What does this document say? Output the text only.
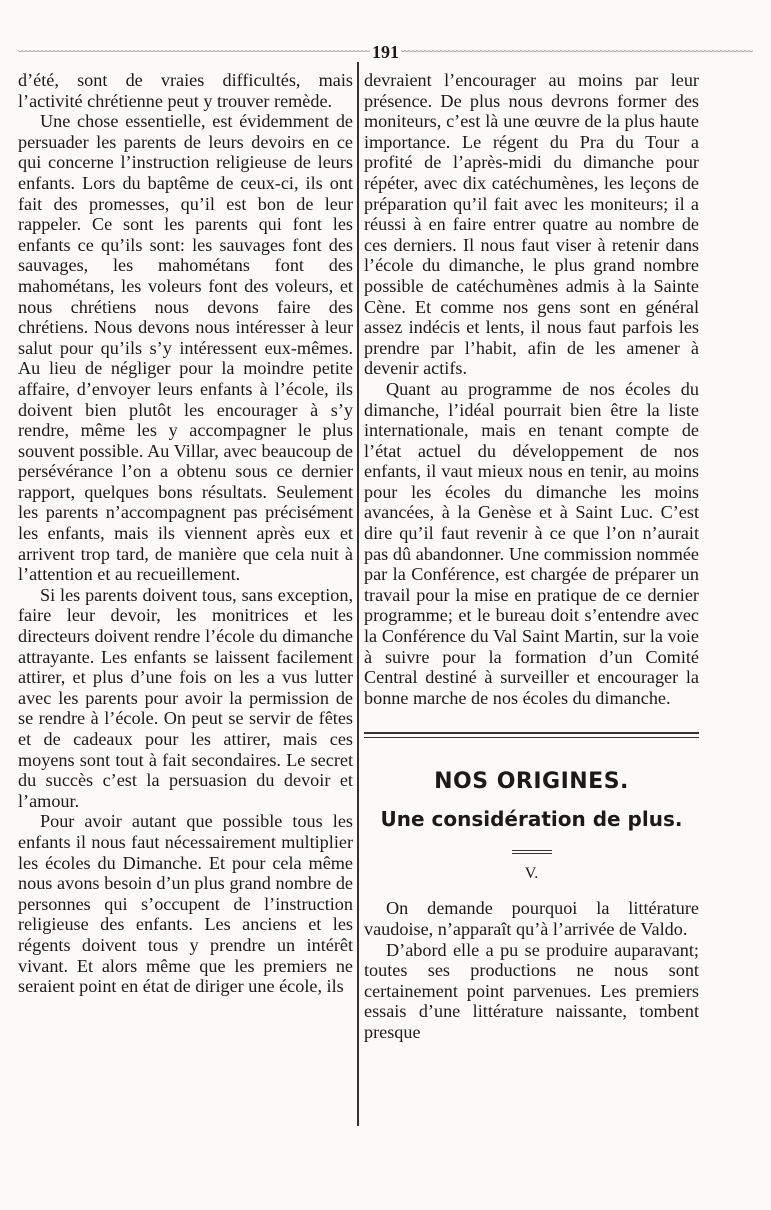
191

d’été, sont de vraies difficultés, mais l’activité chrétienne peut y trouver remède.

Une chose essentielle, est évidemment de persuader les parents de leurs devoirs en ce qui concerne l’instruction religieuse de leurs enfants. Lors du baptême de ceux-ci, ils ont fait des promesses, qu’il est bon de leur rappeler. Ce sont les parents qui font les enfants ce qu’ils sont: les sauvages font des sauvages, les mahométans font des mahométans, les voleurs font des voleurs, et nous chrétiens nous devons faire des chrétiens. Nous devons nous intéresser à leur salut pour qu’ils s’y intéressent eux-mêmes. Au lieu de négliger pour la moindre petite affaire, d’envoyer leurs enfants à l’école, ils doivent bien plutôt les encourager à s’y rendre, même les y accompagner le plus souvent possible. Au Villar, avec beaucoup de persévérance l’on a obtenu sous ce dernier rapport, quelques bons résultats. Seulement les parents n’accompagnent pas précisément les enfants, mais ils viennent après eux et arrivent trop tard, de manière que cela nuit à l’attention et au recueillement.

Si les parents doivent tous, sans exception, faire leur devoir, les monitrices et les directeurs doivent rendre l’école du dimanche attrayante. Les enfants se laissent facilement attirer, et plus d’une fois on les a vus lutter avec les parents pour avoir la permission de se rendre à l’école. On peut se servir de fêtes et de cadeaux pour les attirer, mais ces moyens sont tout à fait secondaires. Le secret du succès c’est la persuasion du devoir et l’amour.

Pour avoir autant que possible tous les enfants il nous faut nécessairement multiplier les écoles du Dimanche. Et pour cela même nous avons besoin d’un plus grand nombre de personnes qui s’occupent de l’instruction religieuse des enfants. Les anciens et les régents doivent tous y prendre un intérêt vivant. Et alors même que les premiers ne seraient point en état de diriger une école, ils

devraient l’encourager au moins par leur présence. De plus nous devrons former des moniteurs, c’est là une œuvre de la plus haute importance. Le régent du Pra du Tour a profité de l’après-midi du dimanche pour répéter, avec dix catéchumènes, les leçons de préparation qu’il fait avec les moniteurs; il a réussi à en faire entrer quatre au nombre de ces derniers. Il nous faut viser à retenir dans l’école du dimanche, le plus grand nombre possible de catéchumènes admis à la Sainte Cène. Et comme nos gens sont en général assez indécis et lents, il nous faut parfois les prendre par l’habit, afin de les amener à devenir actifs.

Quant au programme de nos écoles du dimanche, l’idéal pourrait bien être la liste internationale, mais en tenant compte de l’état actuel du développement de nos enfants, il vaut mieux nous en tenir, au moins pour les écoles du dimanche les moins avancées, à la Genèse et à Saint Luc. C’est dire qu’il faut revenir à ce que l’on n’aurait pas dû abandonner. Une commission nommée par la Conférence, est chargée de préparer un travail pour la mise en pratique de ce dernier programme; et le bureau doit s’entendre avec la Conférence du Val Saint Martin, sur la voie à suivre pour la formation d’un Comité Central destiné à surveiller et encourager la bonne marche de nos écoles du dimanche.

NOS ORIGINES.
Une considération de plus.
V.

On demande pourquoi la littérature vaudoise, n’apparaît qu’à l’arrivée de Valdo.

D’abord elle a pu se produire auparavant; toutes ses productions ne nous sont certainement point parvenues. Les premiers essais d’une littérature naissante, tombent presque
